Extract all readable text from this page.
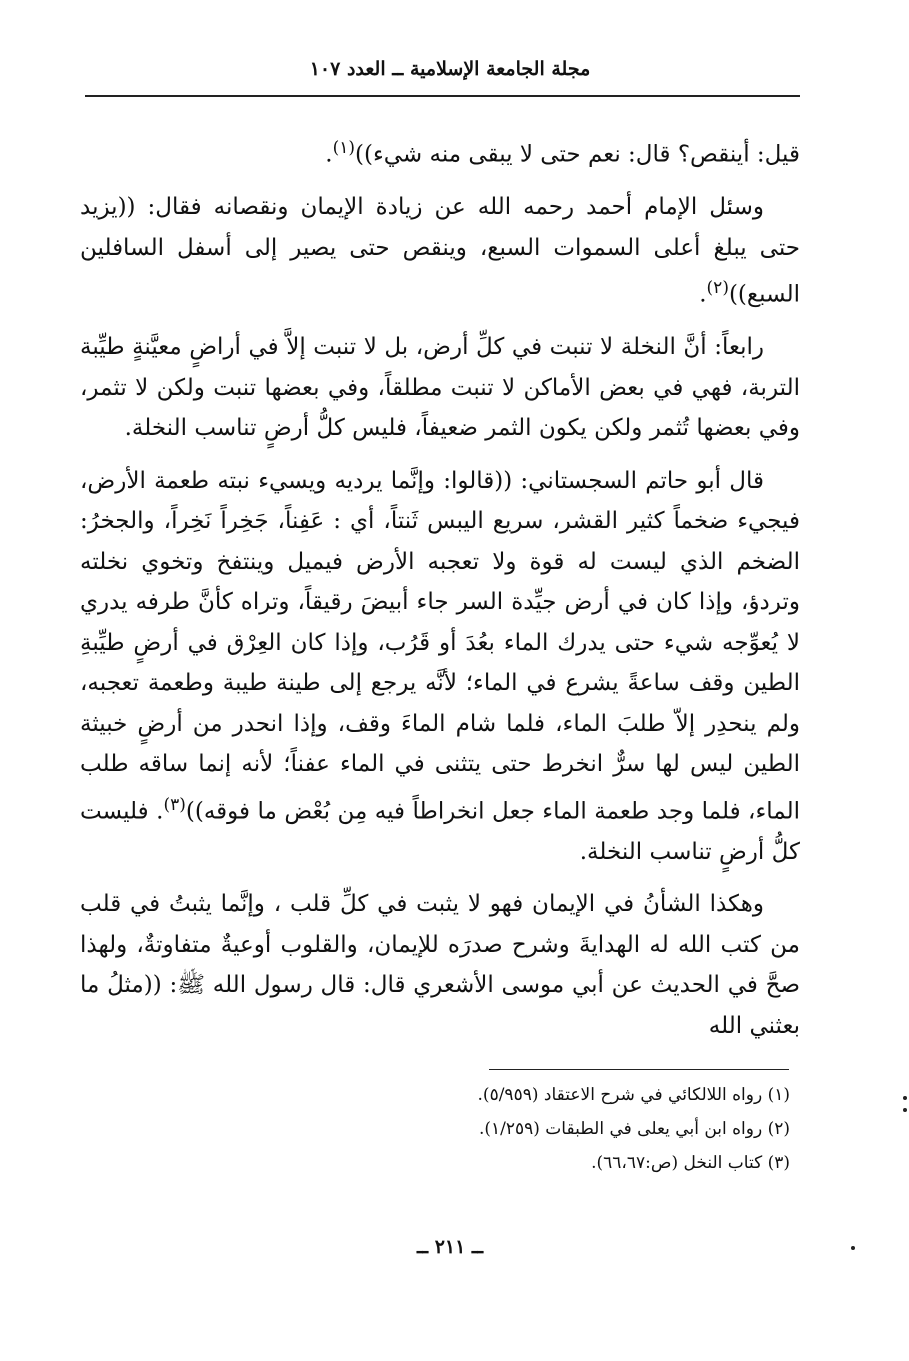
مجلة الجامعة الإسلامية ــ العدد ١٠٧

قيل: أينقص؟ قال: نعم حتى لا يبقى منه شيء))$^{(١)}$.

وسئل الإمام أحمد رحمه الله عن زيادة الإيمان ونقصانه فقال: ((يزيد حتى يبلغ أعلى السموات السبع، وينقص حتى يصير إلى أسفل السافلين السبع))$^{(٢)}$.

رابعاً: أنَّ النخلة لا تنبت في كلِّ أرض، بل لا تنبت إلاَّ في أراضٍ معيَّنةٍ طيِّبة التربة، فهي في بعض الأماكن لا تنبت مطلقاً، وفي بعضها تنبت ولكن لا تثمر، وفي بعضها تُثمر ولكن يكون الثمر ضعيفاً، فليس كلُّ أرضٍ تناسب النخلة.

قال أبو حاتم السجستاني: ((قالوا: وإنَّما يرديه ويسيء نبته طعمة الأرض، فيجيء ضخماً كثير القشر، سريع اليبس ثَنتاً، أي : عَفِناً، جَخِراً نَخِراً، والجخرُ: الضخم الذي ليست له قوة ولا تعجبه الأرض فيميل وينتفخ وتخوي نخلته وتردؤ، وإذا كان في أرض جيِّدة السر جاء أبيضَ رقيقاً، وتراه كأنَّ طرفه يدري لا يُعوِّجه شيء حتى يدرك الماء بعُدَ أو قَرُب، وإذا كان العِرْق في أرضٍ طيِّبةِ الطين وقف ساعةً يشرع في الماء؛ لأنَّه يرجع إلى طينة طيبة وطعمة تعجبه، ولم ينحدِر إلاّ طلبَ الماء، فلما شام الماءَ وقف، وإذا انحدر من أرضٍ خبيثة الطين ليس لها سرٌّ انخرط حتى يتثنى في الماء عفناً؛ لأنه إنما ساقه طلب الماء، فلما وجد طعمة الماء جعل انخراطاً فيه مِن بُعْض ما فوقه))$^{(٣)}$. فليست كلُّ أرضٍ تناسب النخلة.

وهكذا الشأنُ في الإيمان فهو لا يثبت في كلِّ قلب ، وإنَّما يثبتُ في قلب من كتب الله له الهدايةَ وشرح صدرَه للإيمان، والقلوب أوعيةٌ متفاوتةٌ، ولهذا صحَّ في الحديث عن أبي موسى الأشعري قال: قال رسول الله ﷺ: ((مثلُ ما بعثني الله

(١) رواه اللالكائي في شرح الاعتقاد (٥/٩٥٩).

(٢) رواه ابن أبي يعلى في الطبقات (١/٢٥٩).

(٣) كتاب النخل (ص:٦٦،٦٧).

ــ ٢١١ ــ
